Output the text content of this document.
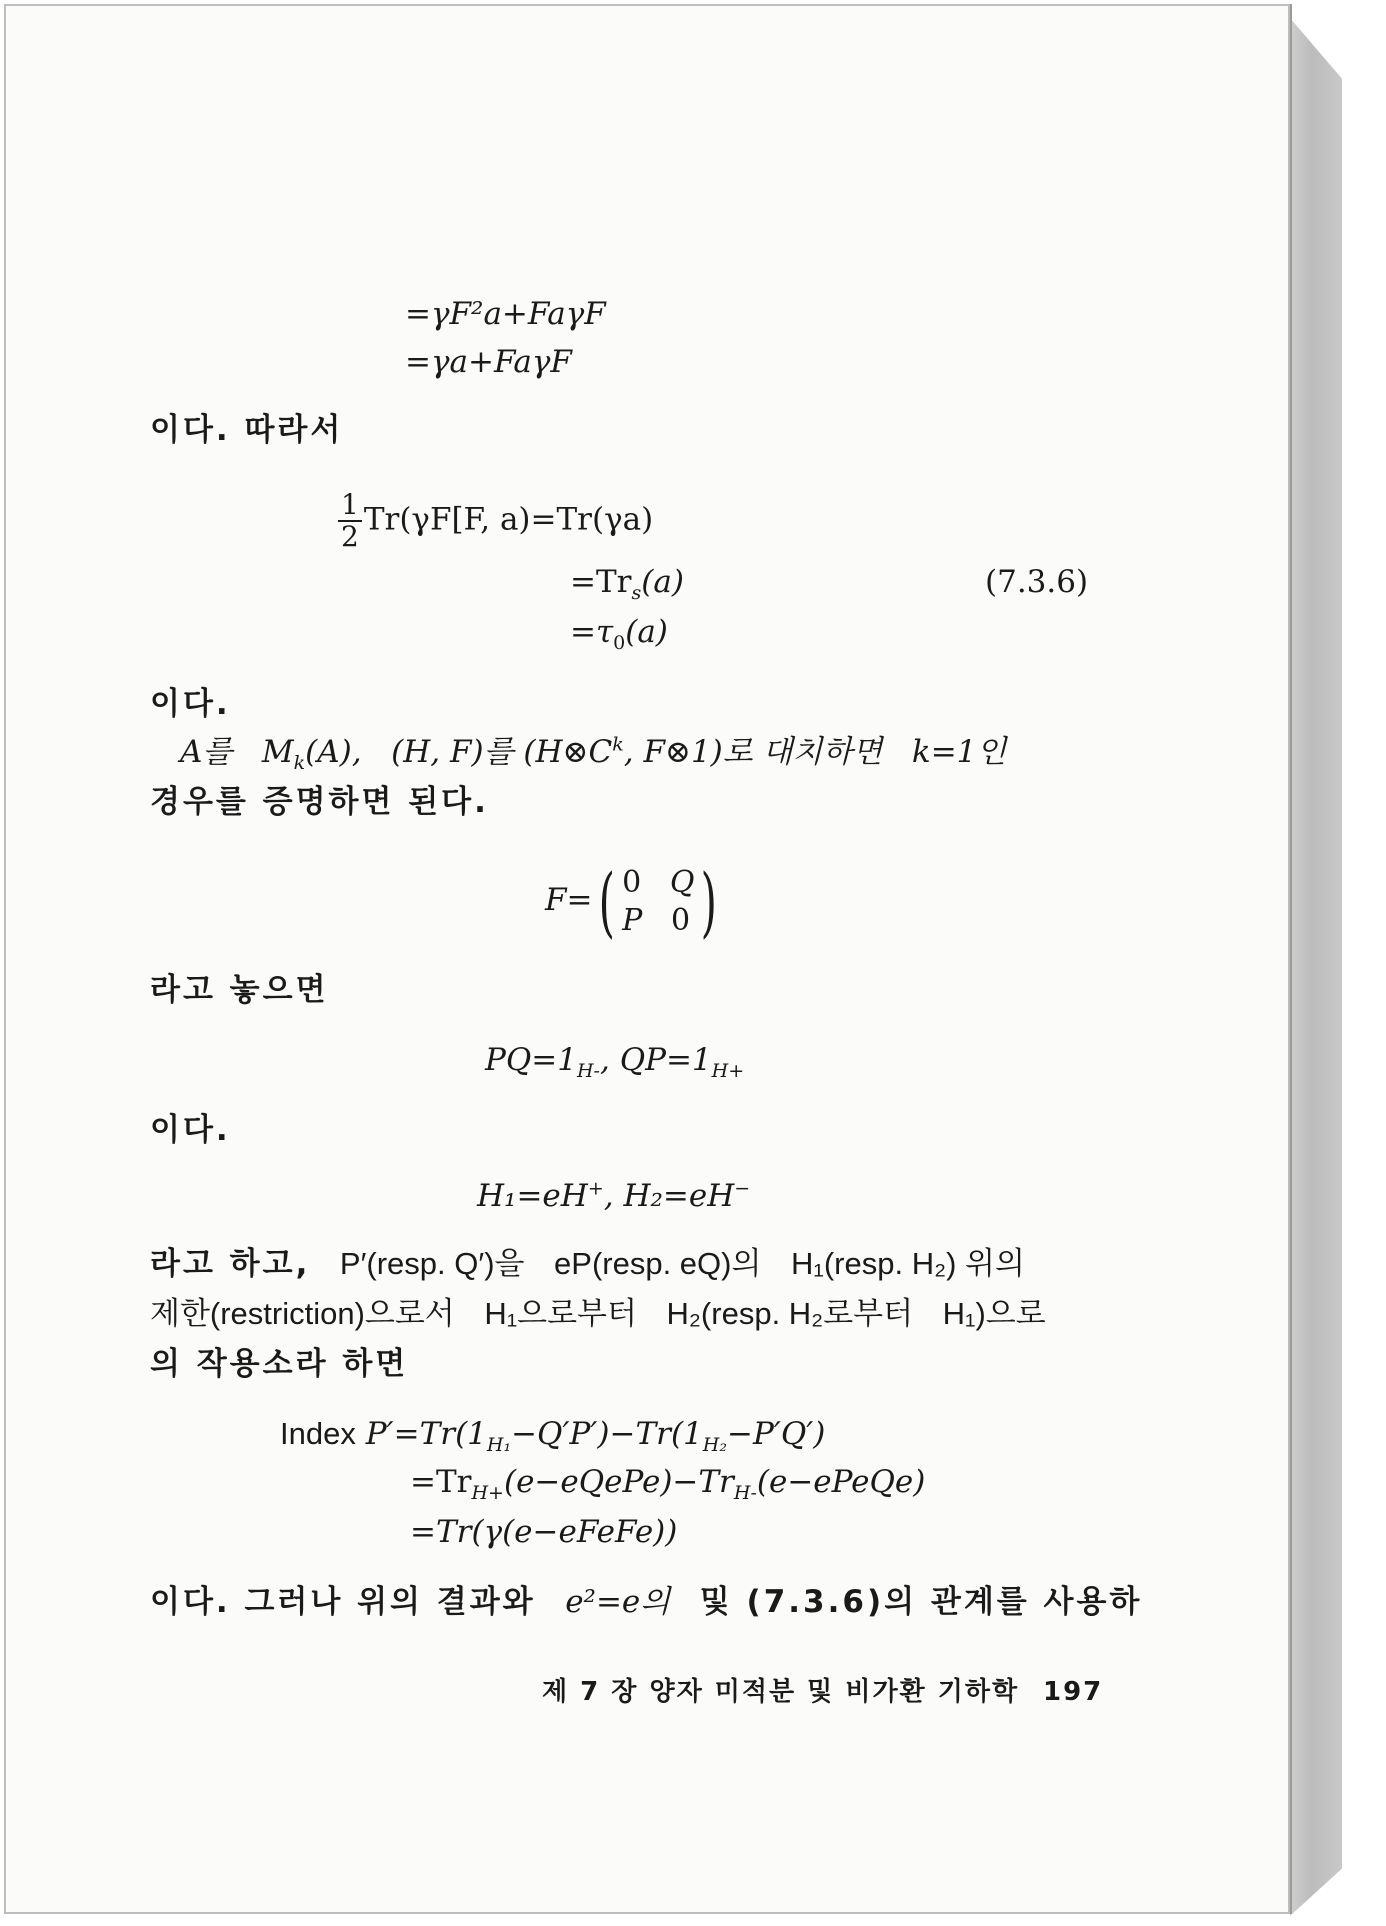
=γF²a+FaγF
=γa+FaγF
이다. 따라서
$\frac{1}{2} Tr(\gamma F[F$, a)=Tr(γa)
$=Tr_s(a)$	(7.3.6)
$=\tau_0(a)$
이다.
A를 $M_k(A)$, (H, F)를 ($H\otimes C^k$, F⊗1)로 대치하면 k=1인
경우를 증명하면 된다.
F=( 0 Q
P 0 )
라고 놓으면
$PQ=1_{H-}$, $QP=1_{H+}$
이다.
H₁=eH+, H₂=eH−
라고 하고, P′(resp. Q′)을 eP(resp. eQ)의 H₁(resp. H₂) 위의
제한(restriction)으로서 H₁으로부터 H₂(resp. H₂로부터 H₁)으로
의 작용소라 하면
Index $P'=Tr(1_{H_1}-Q'P')-Tr(1_{H_2}-P'Q')$
$=Tr_{H+}(e-eQePe)-Tr_{H-}(e-ePeQe)$
=Tr(γ(e−eFeFe))
이다. 그러나 위의 결과와 e²=e의 및 (7.3.6)의 관계를 사용하
제 7 장 양자 미적분 및 비가환 기하학 197
